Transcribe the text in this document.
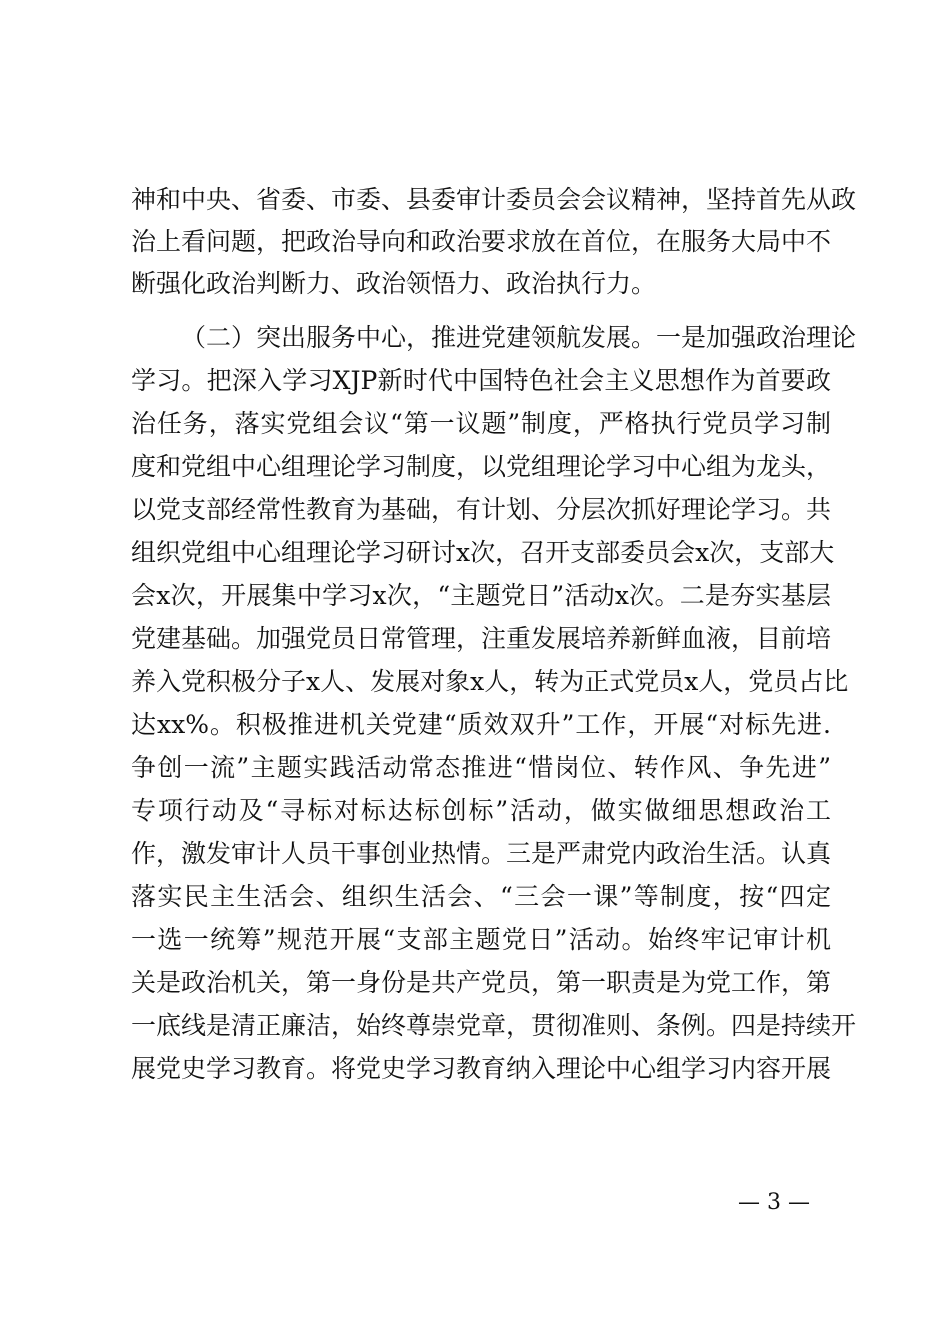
神和中央、省委、市委、县委审计委员会会议精神，坚持首先从政
治上看问题，把政治导向和政治要求放在首位，在服务大局中不
断强化政治判断力、政治领悟力、政治执行力。
（二）突出服务中心，推进党建领航发展。一是加强政治理论
学习。把深入学习XJP新时代中国特色社会主义思想作为首要政
治任务，落实党组会议“第一议题”制度，严格执行党员学习制
度和党组中心组理论学习制度，以党组理论学习中心组为龙头，
以党支部经常性教育为基础，有计划、分层次抓好理论学习。共
组织党组中心组理论学习研讨x次，召开支部委员会x次，支部大
会x次，开展集中学习x次，“主题党日”活动x次。二是夯实基层
党建基础。加强党员日常管理，注重发展培养新鲜血液，目前培
养入党积极分子x人、发展对象x人，转为正式党员x人，党员占比
达xx%。积极推进机关党建“质效双升”工作，开展“对标先进.
争创一流”主题实践活动常态推进“惜岗位、转作风、争先进”
专项行动及“寻标对标达标创标”活动，做实做细思想政治工
作，激发审计人员干事创业热情。三是严肃党内政治生活。认真
落实民主生活会、组织生活会、“三会一课”等制度，按“四定
一选一统筹”规范开展“支部主题党日”活动。始终牢记审计机
关是政治机关，第一身份是共产党员，第一职责是为党工作，第
一底线是清正廉洁，始终尊崇党章，贯彻准则、条例。四是持续开
展党史学习教育。将党史学习教育纳入理论中心组学习内容开展
— 3 —
